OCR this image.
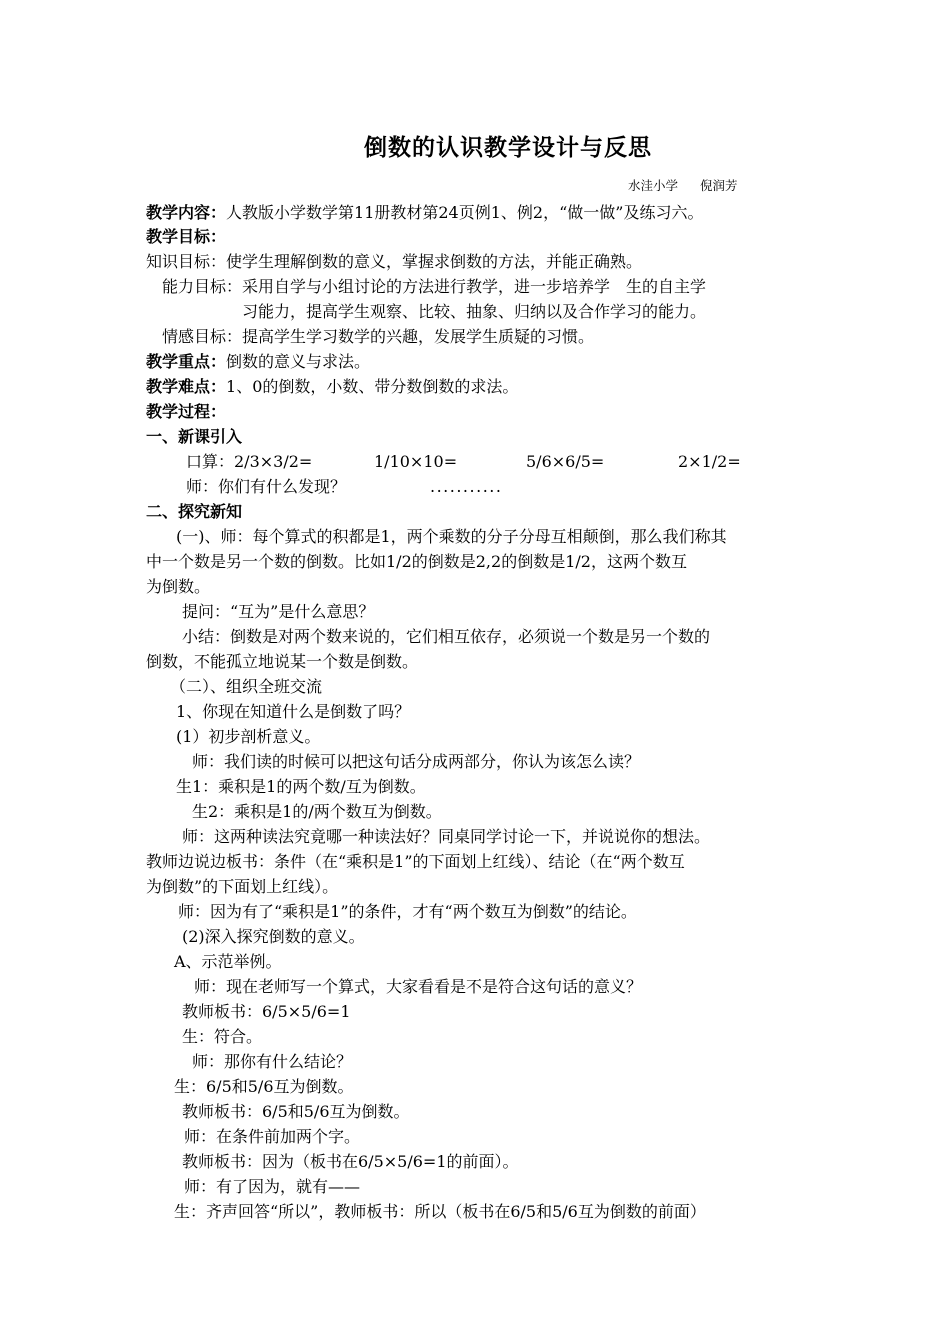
倒数的认识教学设计与反思
水洼小学 倪润芳
教学内容：人教版小学数学第11册教材第24页例1、例2，“做一做”及练习六。
教学目标：
知识目标：使学生理解倒数的意义，掌握求倒数的方法，并能正确熟。
能力目标：采用自学与小组讨论的方法进行教学，进一步培养学　生的自主学
习能力，提高学生观察、比较、抽象、归纳以及合作学习的能力。
情感目标：提高学生学习数学的兴趣，发展学生质疑的习惯。
教学重点：倒数的意义与求法。
教学难点：1、0的倒数，小数、带分数倒数的求法。
教学过程：
一、新课引入
口算： 2/3×3/2=	1/10×10=	5/6×6/5=	2×1/2=
师：你们有什么发现？	...........
二、探究新知
(一)、师：每个算式的积都是1，两个乘数的分子分母互相颠倒，那么我们称其
中一个数是另一个数的倒数。比如1/2的倒数是2,2的倒数是1/2，这两个数互
为倒数。
提问：“互为”是什么意思？
小结：倒数是对两个数来说的，它们相互依存，必须说一个数是另一个数的
倒数，不能孤立地说某一个数是倒数。
（二）、组织全班交流
1、你现在知道什么是倒数了吗？
(1）初步剖析意义。
师：我们读的时候可以把这句话分成两部分，你认为该怎么读？
生1：乘积是1的两个数/互为倒数。
生2：乘积是1的/两个数互为倒数。
师：这两种读法究竟哪一种读法好？同桌同学讨论一下，并说说你的想法。
教师边说边板书：条件（在“乘积是1”的下面划上红线）、结论（在“两个数互
为倒数”的下面划上红线）。
师：因为有了“乘积是1”的条件，才有“两个数互为倒数”的结论。
(2)深入探究倒数的意义。
A、示范举例。
师：现在老师写一个算式，大家看看是不是符合这句话的意义？
教师板书：6/5×5/6=1
生：符合。
师：那你有什么结论？
生：6/5和5/6互为倒数。
教师板书：6/5和5/6互为倒数。
师：在条件前加两个字。
教师板书：因为（板书在6/5×5/6=1的前面）。
师：有了因为，就有——
生：齐声回答“所以”，教师板书：所以（板书在6/5和5/6互为倒数的前面）
